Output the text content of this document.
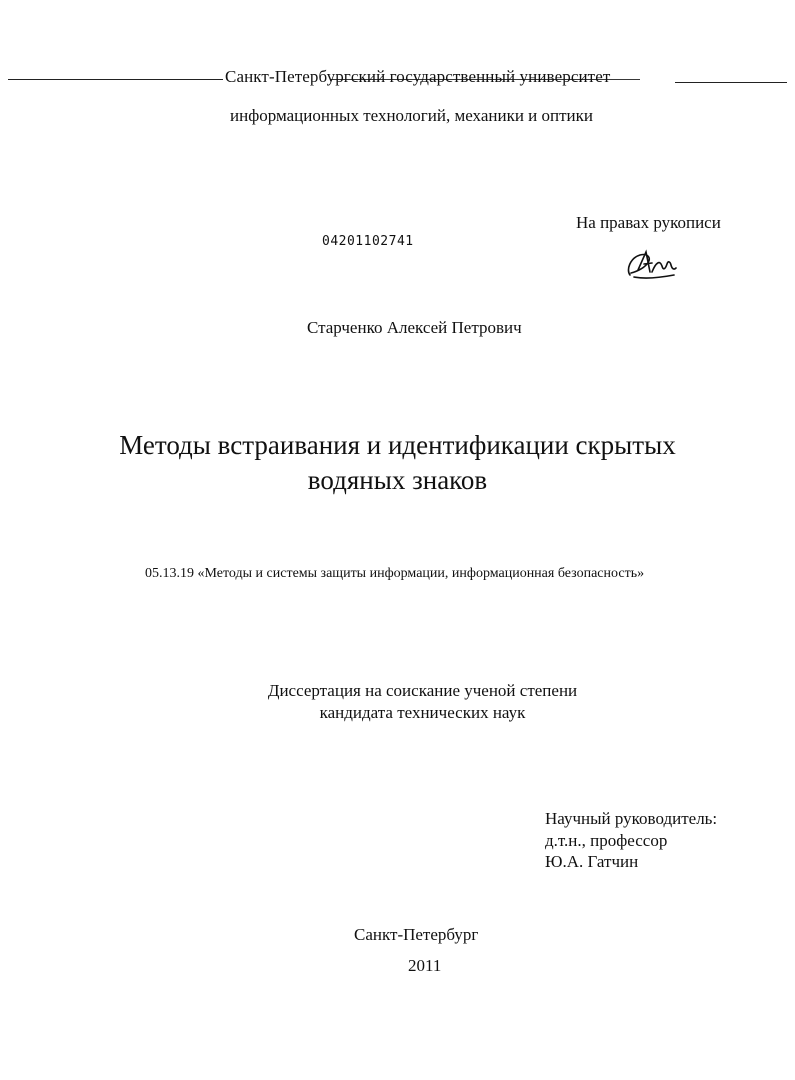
Санкт-Петербургский государственный университет
информационных технологий, механики и оптики
На правах рукописи
04201102741
Старченко Алексей Петрович
Методы встраивания и идентификации скрытых
водяных знаков
05.13.19 «Методы и системы защиты информации, информационная безопасность»
Диссертация на соискание ученой степени
кандидата технических наук
Научный руководитель:
д.т.н., профессор
Ю.А. Гатчин
Санкт-Петербург
2011
